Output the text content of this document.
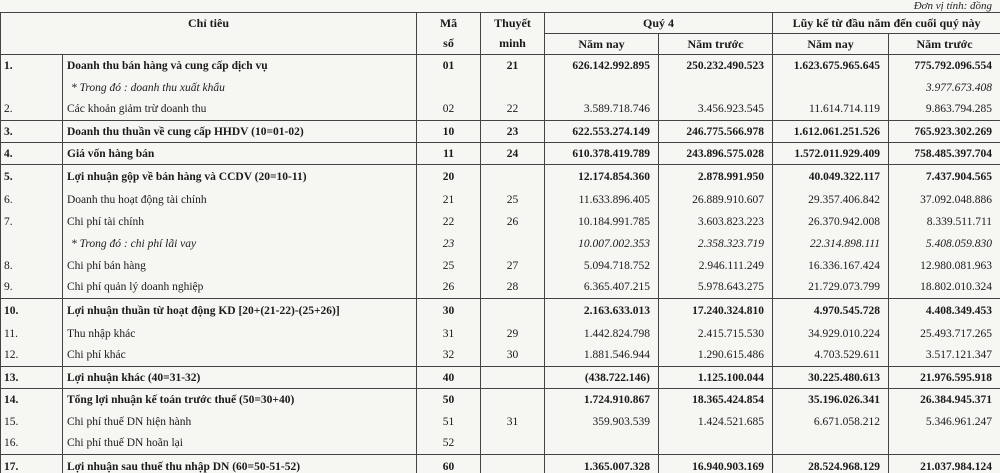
Đơn vị tính: đồng
Chỉ tiêu		Mã	Thuyết	Quý 4		Lũy kế từ đầu năm đến cuối quý này	
		số	minh	Năm nay	Năm trước	Năm nay	Năm trước
1.	Doanh thu bán hàng và cung cấp dịch vụ	01	21	626.142.992.895	250.232.490.523	1.623.675.965.645	775.792.096.554
	* Trong đó : doanh thu xuất khẩu						3.977.673.408
2.	Các khoản giảm trừ doanh thu	02	22	3.589.718.746	3.456.923.545	11.614.714.119	9.863.794.285
3.	Doanh thu thuần về cung cấp HHDV (10=01-02)	10	23	622.553.274.149	246.775.566.978	1.612.061.251.526	765.923.302.269
4.	Giá vốn hàng bán	11	24	610.378.419.789	243.896.575.028	1.572.011.929.409	758.485.397.704
5.	Lợi nhuận gộp về bán hàng và CCDV (20=10-11)	20		12.174.854.360	2.878.991.950	40.049.322.117	7.437.904.565
6.	Doanh thu hoạt động tài chính	21	25	11.633.896.405	26.889.910.607	29.357.406.842	37.092.048.886
7.	Chi phí tài chính	22	26	10.184.991.785	3.603.823.223	26.370.942.008	8.339.511.711
	* Trong đó : chi phí lãi vay	23		10.007.002.353	2.358.323.719	22.314.898.111	5.408.059.830
8.	Chi phí bán hàng	25	27	5.094.718.752	2.946.111.249	16.336.167.424	12.980.081.963
9.	Chi phí quản lý doanh nghiệp	26	28	6.365.407.215	5.978.643.275	21.729.073.799	18.802.010.324
10.	Lợi nhuận thuần từ hoạt động KD [20+(21-22)-(25+26)]	30		2.163.633.013	17.240.324.810	4.970.545.728	4.408.349.453
11.	Thu nhập khác	31	29	1.442.824.798	2.415.715.530	34.929.010.224	25.493.717.265
12.	Chi phí khác	32	30	1.881.546.944	1.290.615.486	4.703.529.611	3.517.121.347
13.	Lợi nhuận khác (40=31-32)	40		(438.722.146)	1.125.100.044	30.225.480.613	21.976.595.918
14.	Tổng lợi nhuận kế toán trước thuế (50=30+40)	50		1.724.910.867	18.365.424.854	35.196.026.341	26.384.945.371
15.	Chi phí thuế DN hiện hành	51	31	359.903.539	1.424.521.685	6.671.058.212	5.346.961.247
16.	Chi phí thuế DN hoãn lại	52					
17.	Lợi nhuận sau thuế thu nhập DN (60=50-51-52)	60		1.365.007.328	16.940.903.169	28.524.968.129	21.037.984.124
